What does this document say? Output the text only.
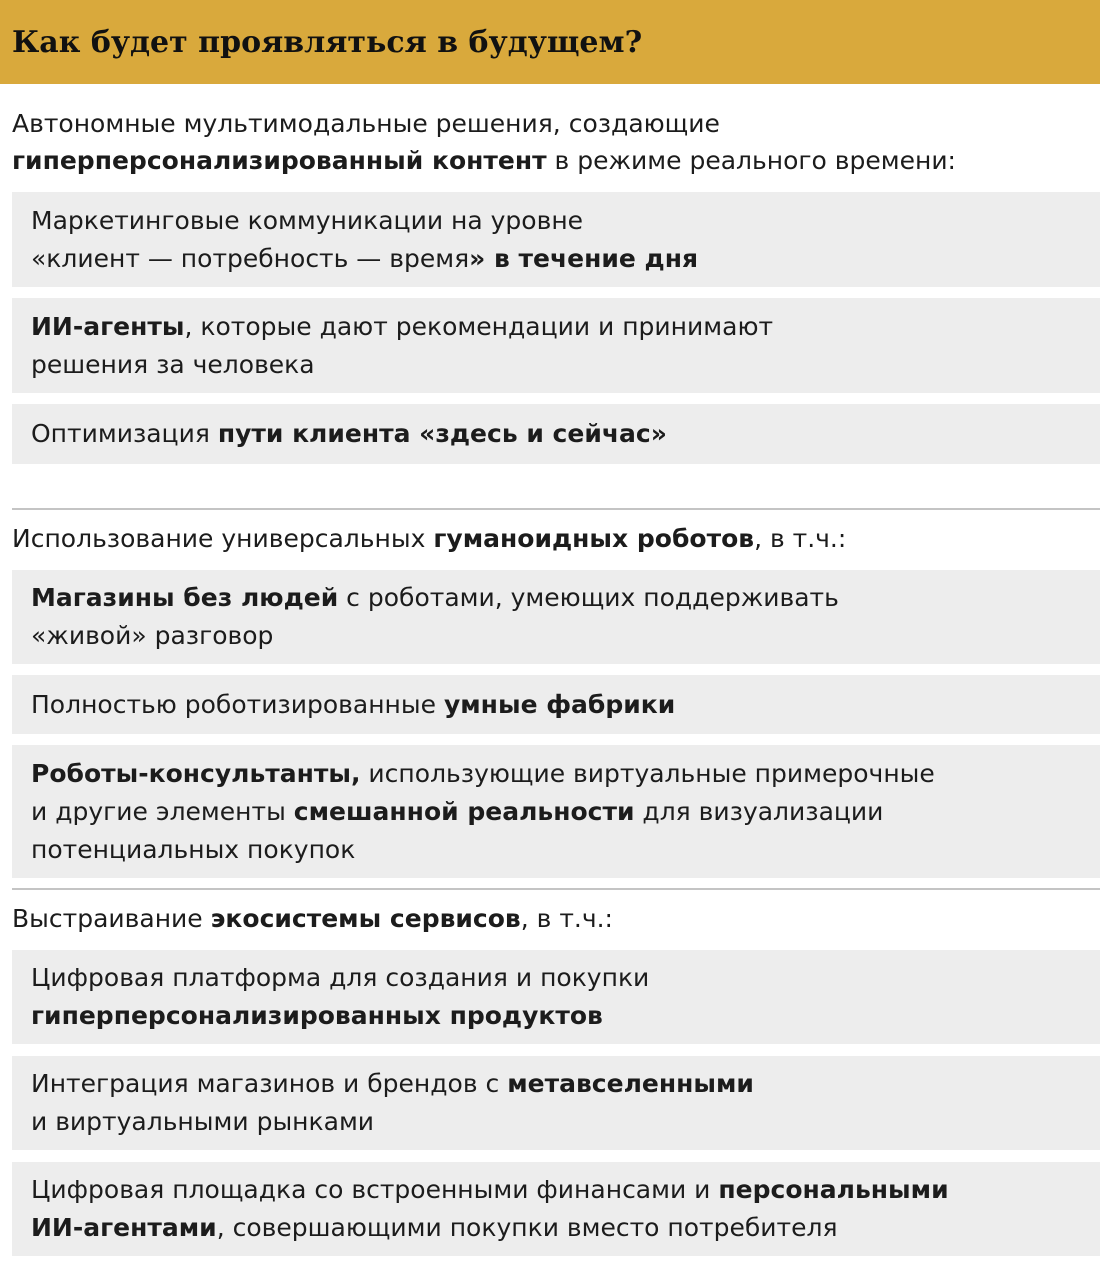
Как будет проявляться в будущем?
Автономные мультимодальные решения, создающие
гиперперсонализированный контент в режиме реального времени:
Маркетинговые коммуникации на уровне
«клиент — потребность — время» в течение дня
ИИ-агенты, которые дают рекомендации и принимают
решения за человека
Оптимизация пути клиента «здесь и сейчас»
Использование универсальных гуманоидных роботов, в т.ч.:
Магазины без людей с роботами, умеющих поддерживать
«живой» разговор
Полностью роботизированные умные фабрики
Роботы-консультанты, использующие виртуальные примерочные
и другие элементы смешанной реальности для визуализации
потенциальных покупок
Выстраивание экосистемы сервисов, в т.ч.:
Цифровая платформа для создания и покупки
гиперперсонализированных продуктов
Интеграция магазинов и брендов с метавселенными
и виртуальными рынками
Цифровая площадка со встроенными финансами и персональными
ИИ-агентами, совершающими покупки вместо потребителя
